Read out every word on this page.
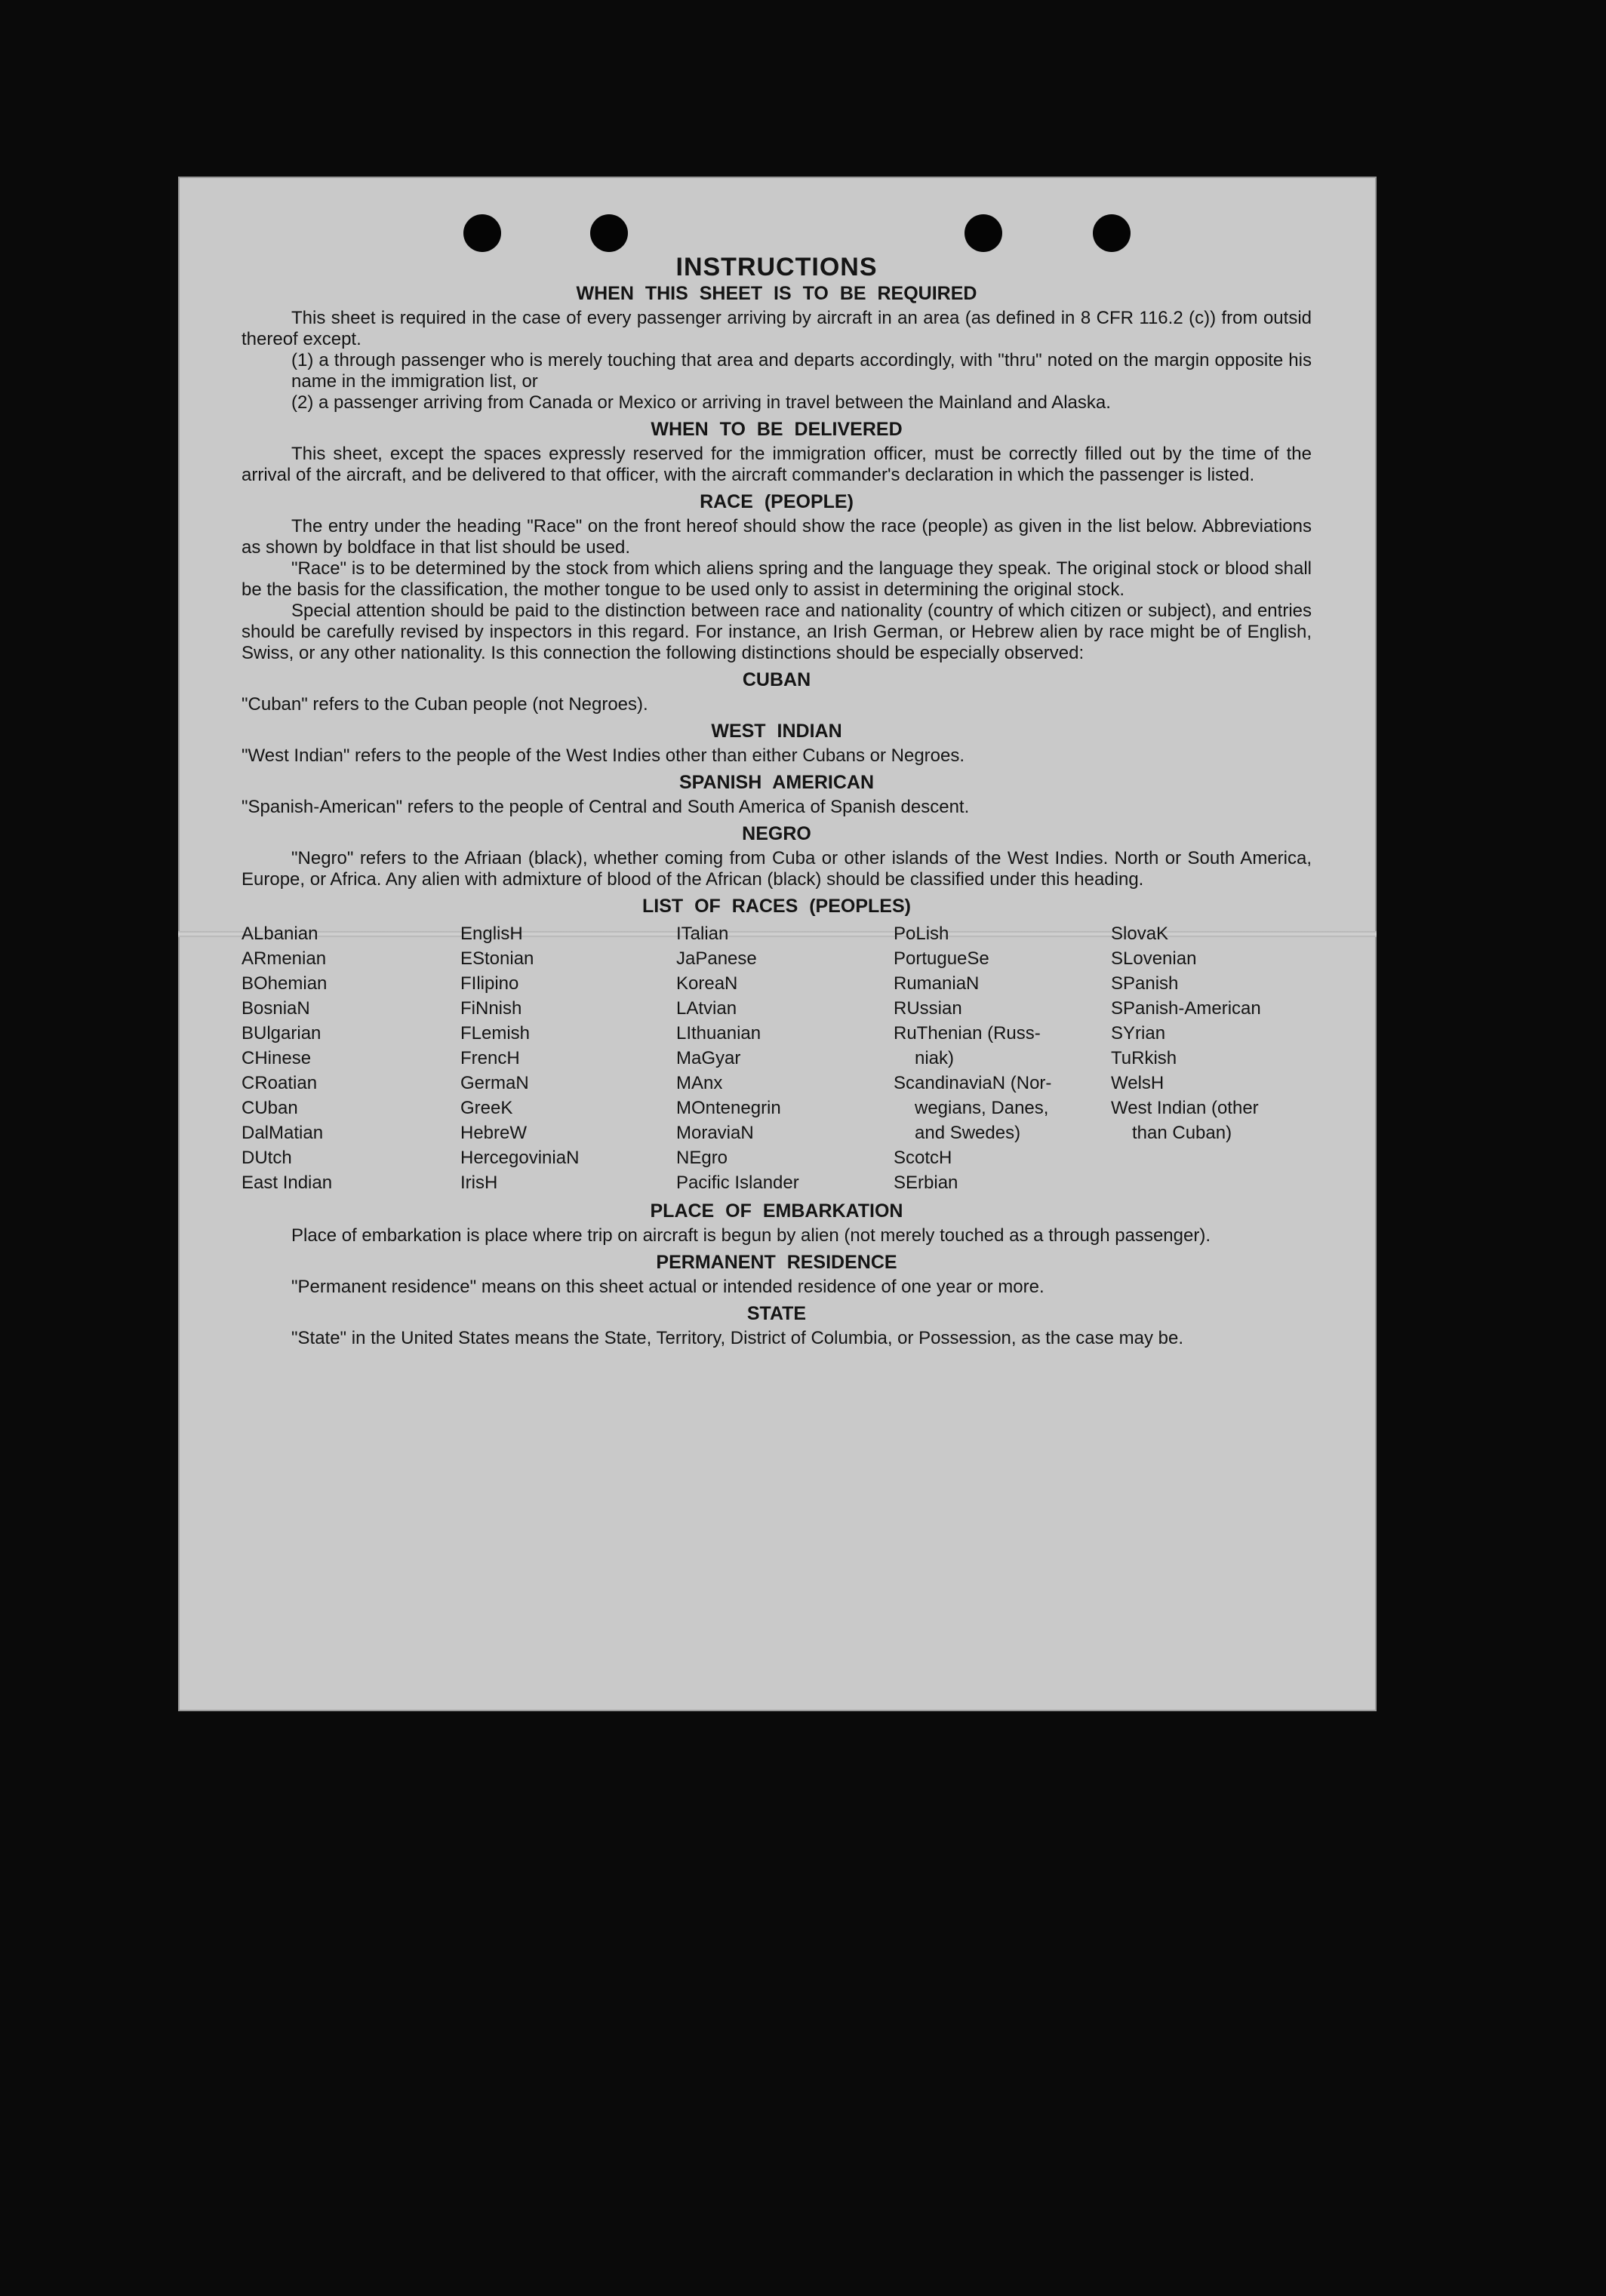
INSTRUCTIONS
WHEN THIS SHEET IS TO BE REQUIRED

This sheet is required in the case of every passenger arriving by aircraft in an area (as defined in 8 CFR 116.2 (c)) from outsid thereof except.

(1) a through passenger who is merely touching that area and departs accordingly, with "thru" noted on the margin opposite his name in the immigration list, or

(2) a passenger arriving from Canada or Mexico or arriving in travel between the Mainland and Alaska.

WHEN TO BE DELIVERED

This sheet, except the spaces expressly reserved for the immigration officer, must be correctly filled out by the time of the arrival of the aircraft, and be delivered to that officer, with the aircraft commander's declaration in which the passenger is listed.

RACE (PEOPLE)

The entry under the heading "Race" on the front hereof should show the race (people) as given in the list below. Abbreviations as shown by boldface in that list should be used.

"Race" is to be determined by the stock from which aliens spring and the language they speak. The original stock or blood shall be the basis for the classification, the mother tongue to be used only to assist in determining the original stock.

Special attention should be paid to the distinction between race and nationality (country of which citizen or subject), and entries should be carefully revised by inspectors in this regard. For instance, an Irish German, or Hebrew alien by race might be of English, Swiss, or any other nationality. Is this connection the following distinctions should be especially observed:

CUBAN

"Cuban" refers to the Cuban people (not Negroes).

WEST INDIAN

"West Indian" refers to the people of the West Indies other than either Cubans or Negroes.

SPANISH AMERICAN

"Spanish-American" refers to the people of Central and South America of Spanish descent.

NEGRO

"Negro" refers to the Afriaan (black), whether coming from Cuba or other islands of the West Indies. North or South America, Europe, or Africa. Any alien with admixture of blood of the African (black) should be classified under this heading.

LIST OF RACES (PEOPLES)
ALbanian
ARmenian
BOhemian
BosniaN
BUlgarian
CHinese
CRoatian
CUban
DalMatian
DUtch
East Indian
EnglisH
EStonian
FIlipino
FiNnish
FLemish
FrencH
GermaN
GreeK
HebreW
HercegoviniaN
IrisH
ITalian
JaPanese
KoreaN
LAtvian
LIthuanian
MaGyar
MAnx
MOntenegrin
MoraviaN
NEgro
Pacific Islander
PoLish
PortugueSe
RumaniaN
RUssian
RuThenian (Russ-
niak)
ScandinaviaN (Nor-
wegians, Danes,
and Swedes)
ScotcH
SErbian
SlovaK
SLovenian
SPanish
SPanish-American
SYrian
TuRkish
WelsH
West Indian (other
than Cuban)
PLACE OF EMBARKATION

Place of embarkation is place where trip on aircraft is begun by alien (not merely touched as a through passenger).

PERMANENT RESIDENCE

"Permanent residence" means on this sheet actual or intended residence of one year or more.

STATE

"State" in the United States means the State, Territory, District of Columbia, or Possession, as the case may be.
